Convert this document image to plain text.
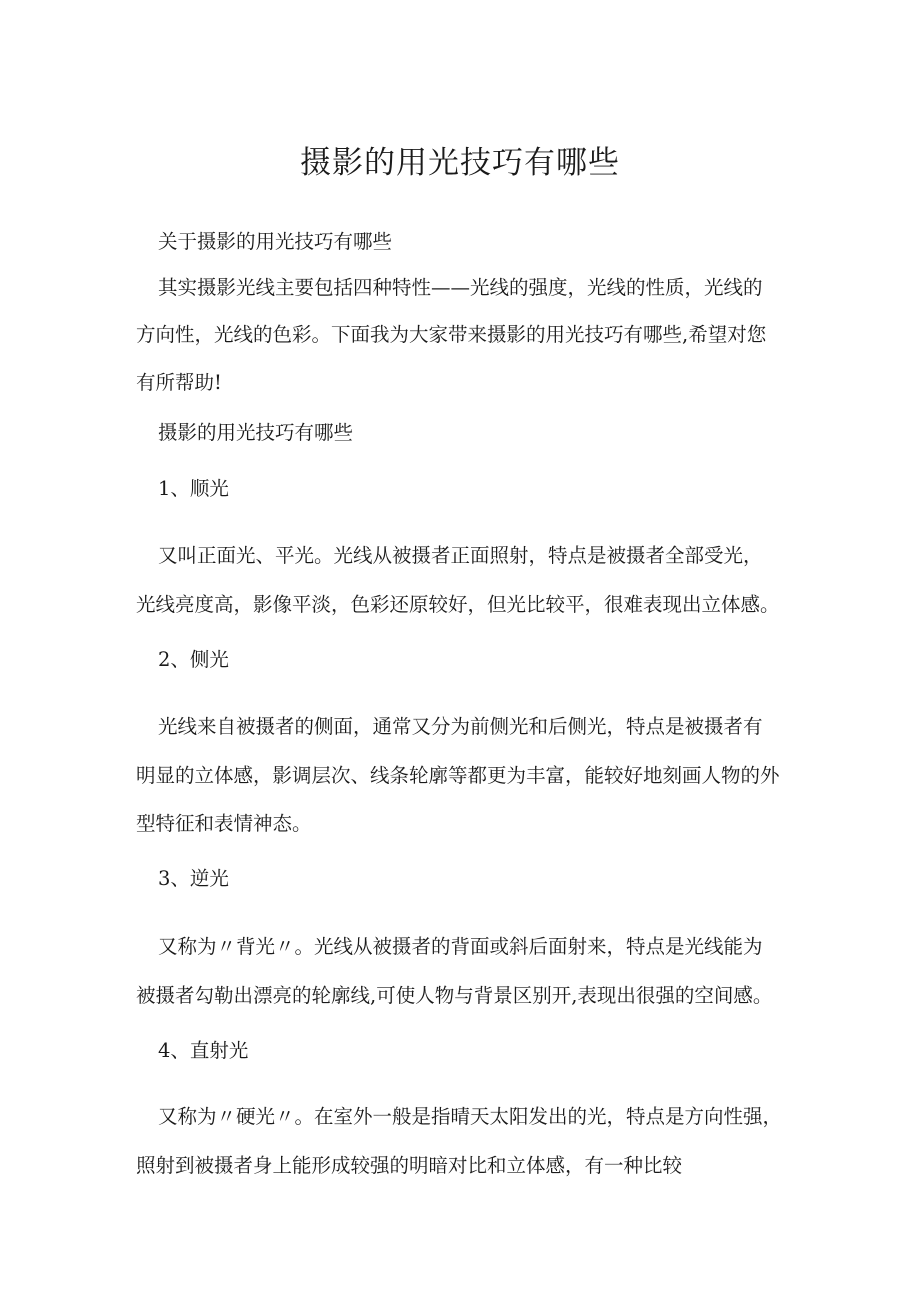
摄影的用光技巧有哪些

关于摄影的用光技巧有哪些

其实摄影光线主要包括四种特性——光线的强度，光线的性质，光线的

方向性，光线的色彩。下面我为大家带来摄影的用光技巧有哪些,希望对您

有所帮助!

摄影的用光技巧有哪些

1、顺光

又叫正面光、平光。光线从被摄者正面照射，特点是被摄者全部受光，

光线亮度高，影像平淡，色彩还原较好，但光比较平，很难表现出立体感。

2、侧光

光线来自被摄者的侧面，通常又分为前侧光和后侧光，特点是被摄者有

明显的立体感，影调层次、线条轮廓等都更为丰富，能较好地刻画人物的外

型特征和表情神态。

3、逆光

又称为〃背光〃。光线从被摄者的背面或斜后面射来，特点是光线能为

被摄者勾勒出漂亮的轮廓线,可使人物与背景区别开,表现出很强的空间感。

4、直射光

又称为〃硬光〃。在室外一般是指晴天太阳发出的光，特点是方向性强，

照射到被摄者身上能形成较强的明暗对比和立体感，有一种比较
